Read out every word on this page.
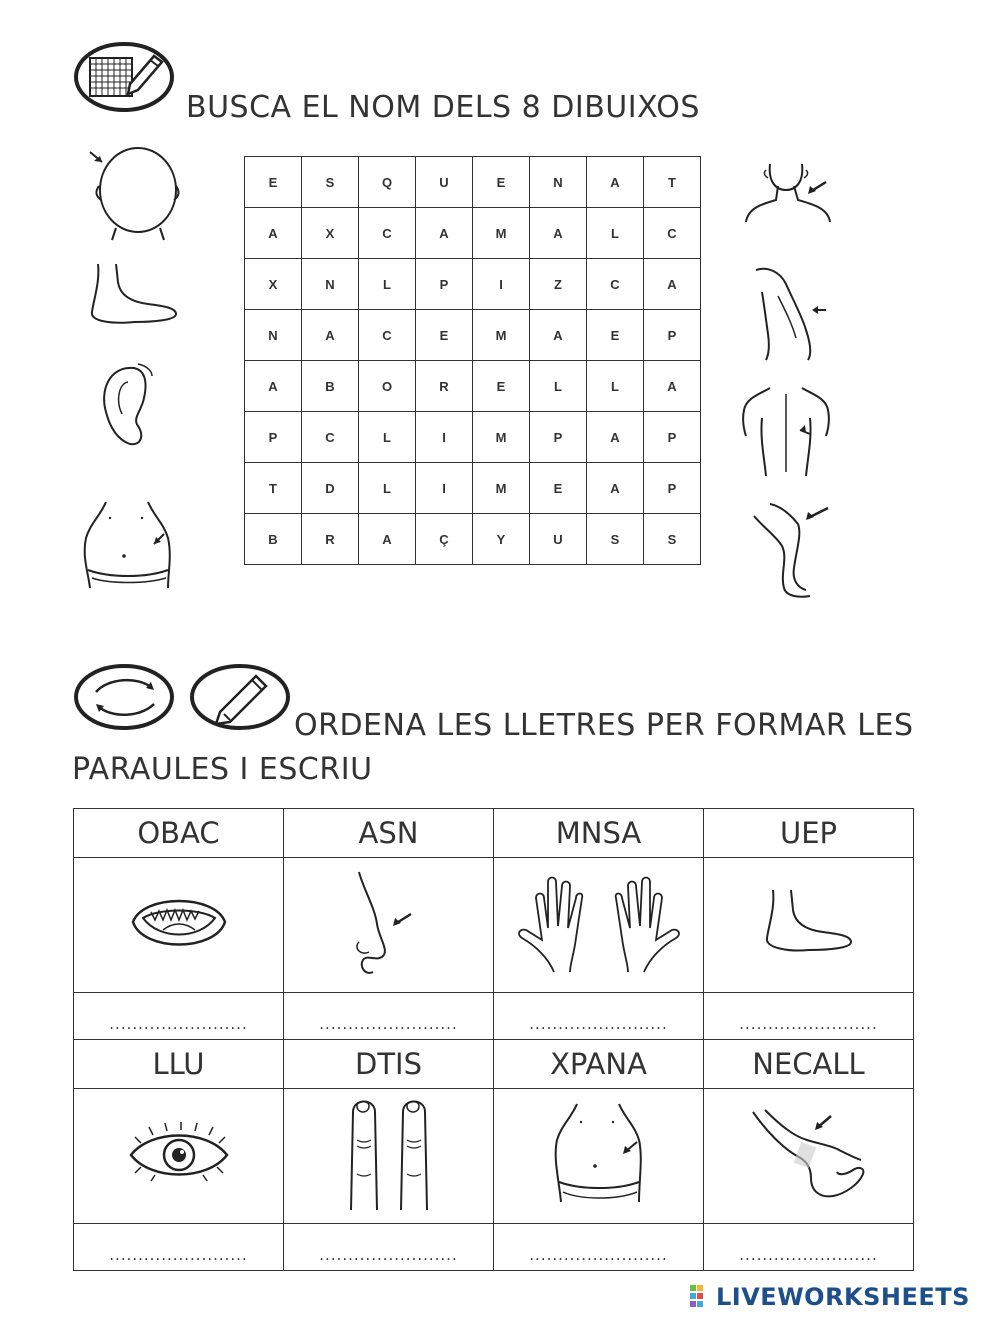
BUSCA EL NOM DELS 8 DIBUIXOS
E	S	Q	U	E	N	A	T
A	X	C	A	M	A	L	C
X	N	L	P	I	Z	C	A
N	A	C	E	M	A	E	P
A	B	O	R	E	L	L	A
P	C	L	I	M	P	A	P
T	D	L	I	M	E	A	P
B	R	A	Ç	Y	U	S	S
ORDENA LES LLETRES PER FORMAR LES
PARAULES I ESCRIU
OBAC	ASN	MNSA	UEP

........................	........................	........................	........................
LLU	DTIS	XPANA	NECALL

........................	........................	........................	........................
LIVEWORKSHEETS
